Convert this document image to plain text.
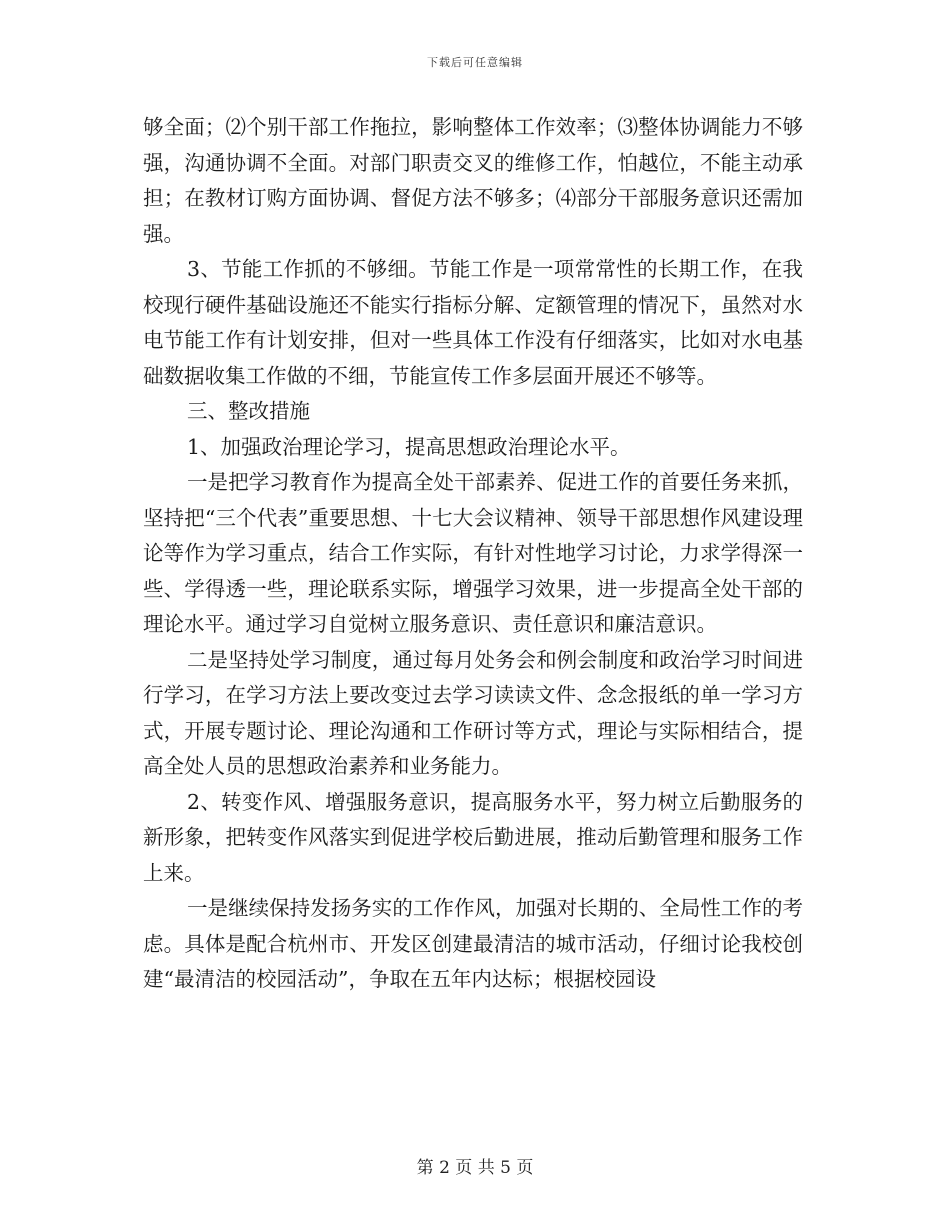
下载后可任意编辑

够全面；⑵个别干部工作拖拉，影响整体工作效率；⑶整体协调能力不够强，沟通协调不全面。对部门职责交叉的维修工作，怕越位，不能主动承担；在教材订购方面协调、督促方法不够多；⑷部分干部服务意识还需加强。

3、节能工作抓的不够细。节能工作是一项常常性的长期工作，在我校现行硬件基础设施还不能实行指标分解、定额管理的情况下，虽然对水电节能工作有计划安排，但对一些具体工作没有仔细落实，比如对水电基础数据收集工作做的不细，节能宣传工作多层面开展还不够等。

三、整改措施

1、加强政治理论学习，提高思想政治理论水平。

一是把学习教育作为提高全处干部素养、促进工作的首要任务来抓，坚持把“三个代表”重要思想、十七大会议精神、领导干部思想作风建设理论等作为学习重点，结合工作实际，有针对性地学习讨论，力求学得深一些、学得透一些，理论联系实际，增强学习效果，进一步提高全处干部的理论水平。通过学习自觉树立服务意识、责任意识和廉洁意识。

二是坚持处学习制度，通过每月处务会和例会制度和政治学习时间进行学习，在学习方法上要改变过去学习读读文件、念念报纸的单一学习方式，开展专题讨论、理论沟通和工作研讨等方式，理论与实际相结合，提高全处人员的思想政治素养和业务能力。

2、转变作风、增强服务意识，提高服务水平，努力树立后勤服务的新形象，把转变作风落实到促进学校后勤进展，推动后勤管理和服务工作上来。

一是继续保持发扬务实的工作作风，加强对长期的、全局性工作的考虑。具体是配合杭州市、开发区创建最清洁的城市活动，仔细讨论我校创建“最清洁的校园活动”，争取在五年内达标；根据校园设

第 2 页 共 5 页
